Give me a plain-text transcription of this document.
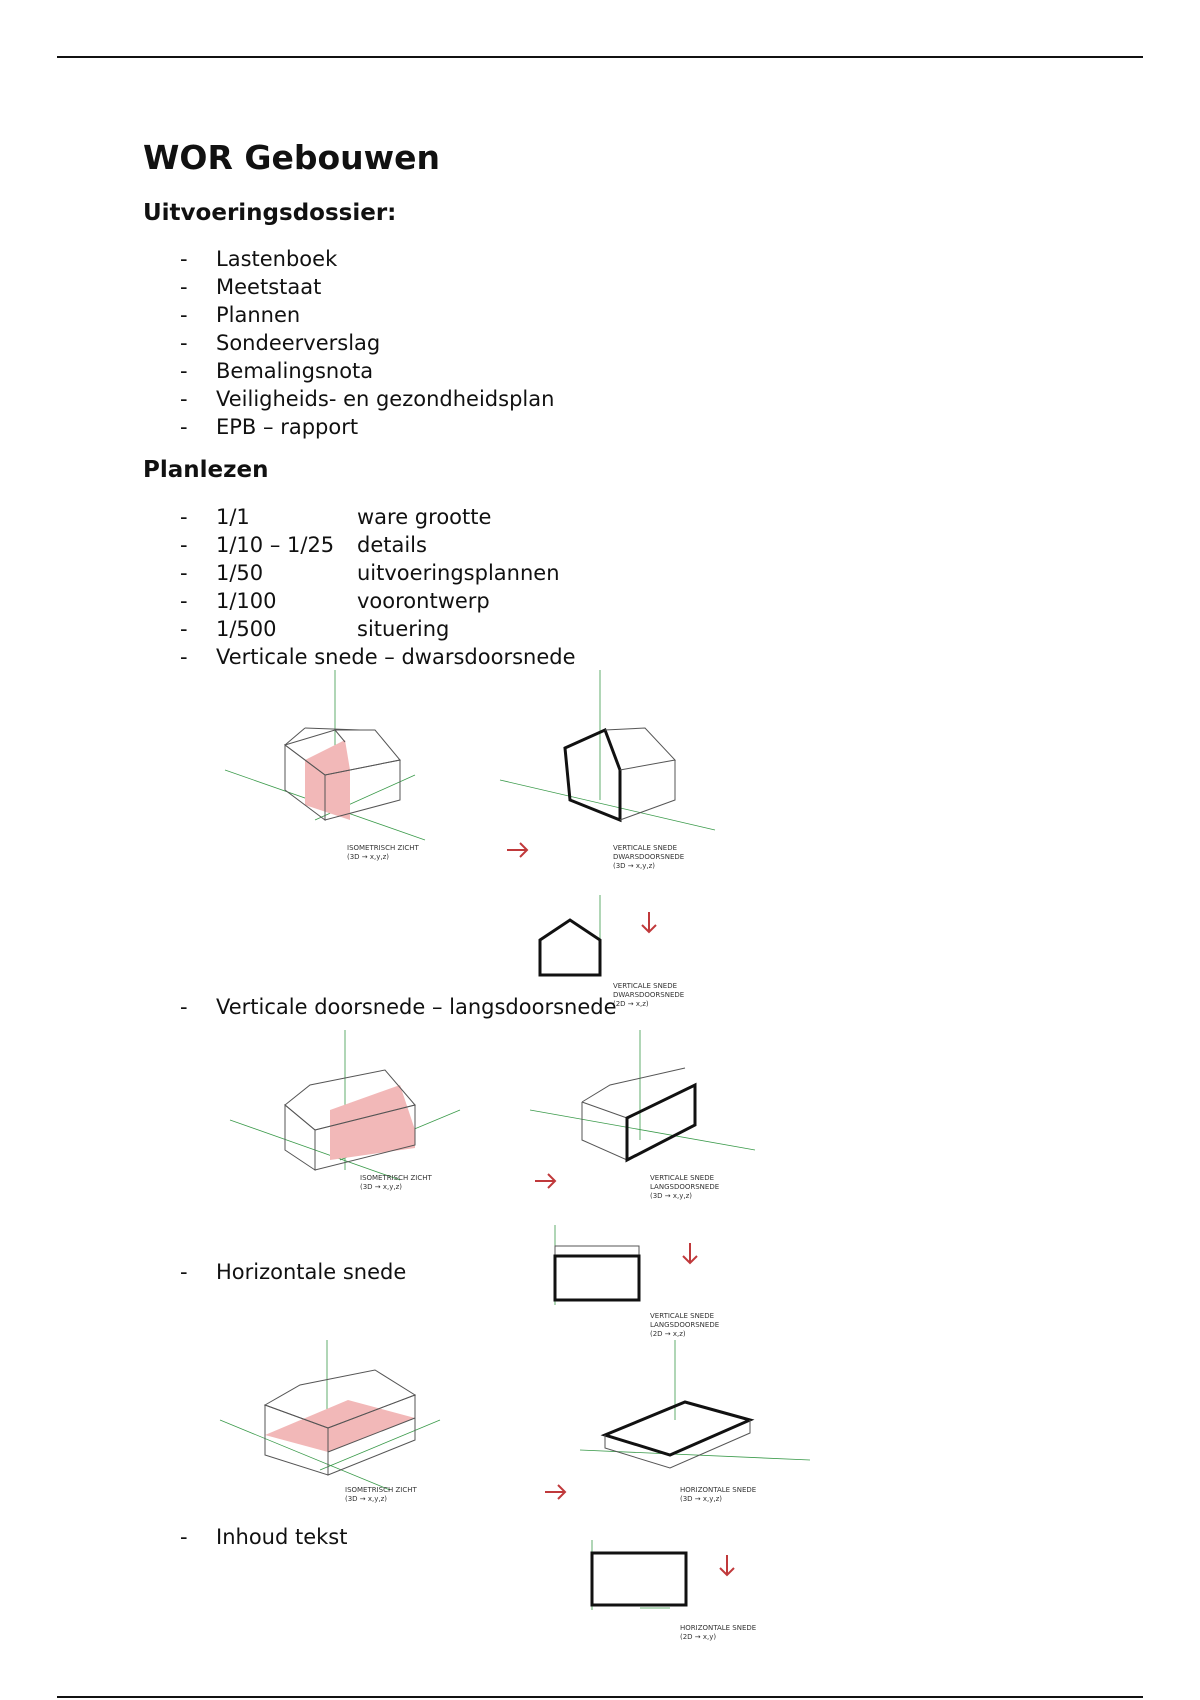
WOR Gebouwen
Uitvoeringsdossier:
- Lastenboek
- Meetstaat
- Plannen
- Sondeerverslag
- Bemalingsnota
- Veiligheids- en gezondheidsplan
- EPB – rapport
Planlezen
- 1/1	ware grootte
- 1/10 – 1/25 details
- 1/50	uitvoeringsplannen
- 1/100	voorontwerp
- 1/500	situering
- Verticale snede – dwarsdoorsnede
ISOMETRISCH ZICHT
(3D → x,y,z)
VERTICALE SNEDE
DWARSDOORSNEDE
(3D → x,y,z)
VERTICALE SNEDE
DWARSDOORSNEDE
(2D → x,z)
- Verticale doorsnede – langsdoorsnede
ISOMETRISCH ZICHT
(3D → x,y,z)
VERTICALE SNEDE
LANGSDOORSNEDE
(3D → x,y,z)
VERTICALE SNEDE
LANGSDOORSNEDE
(2D → x,z)
- Horizontale snede
ISOMETRISCH ZICHT
(3D → x,y,z)
HORIZONTALE SNEDE
(3D → x,y,z)
HORIZONTALE SNEDE
(2D → x,y)
- Inhoud tekst
